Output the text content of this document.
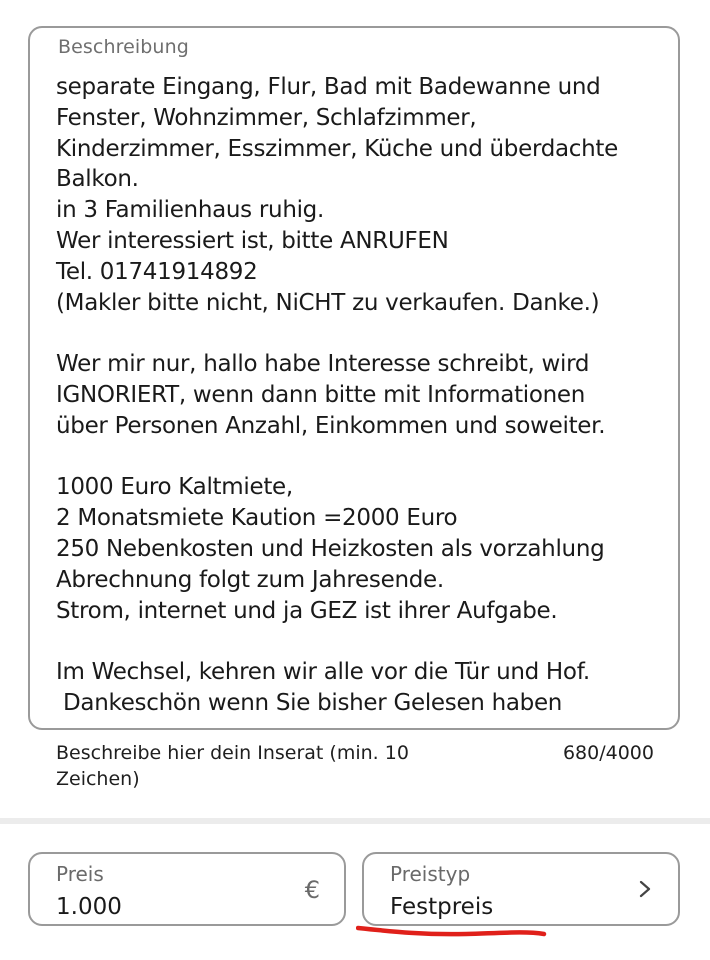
Beschreibung
separate Eingang, Flur, Bad mit Badewanne und
Fenster, Wohnzimmer, Schlafzimmer,
Kinderzimmer, Esszimmer, Küche und überdachte
Balkon.
in 3 Familienhaus ruhig.
Wer interessiert ist, bitte ANRUFEN
Tel. 01741914892
(Makler bitte nicht, NiCHT zu verkaufen. Danke.)

Wer mir nur, hallo habe Interesse schreibt, wird
IGNORIERT, wenn dann bitte mit Informationen
über Personen Anzahl, Einkommen und soweiter.

1000 Euro Kaltmiete,
2 Monatsmiete Kaution =2000 Euro
250 Nebenkosten und Heizkosten als vorzahlung
Abrechnung folgt zum Jahresende.
Strom, internet und ja GEZ ist ihrer Aufgabe.

Im Wechsel, kehren wir alle vor die Tür und Hof.
Dankeschön wenn Sie bisher Gelesen haben
Beschreibe hier dein Inserat (min. 10 Zeichen)
680/4000
Preis
1.000
€
Preistyp
Festpreis
